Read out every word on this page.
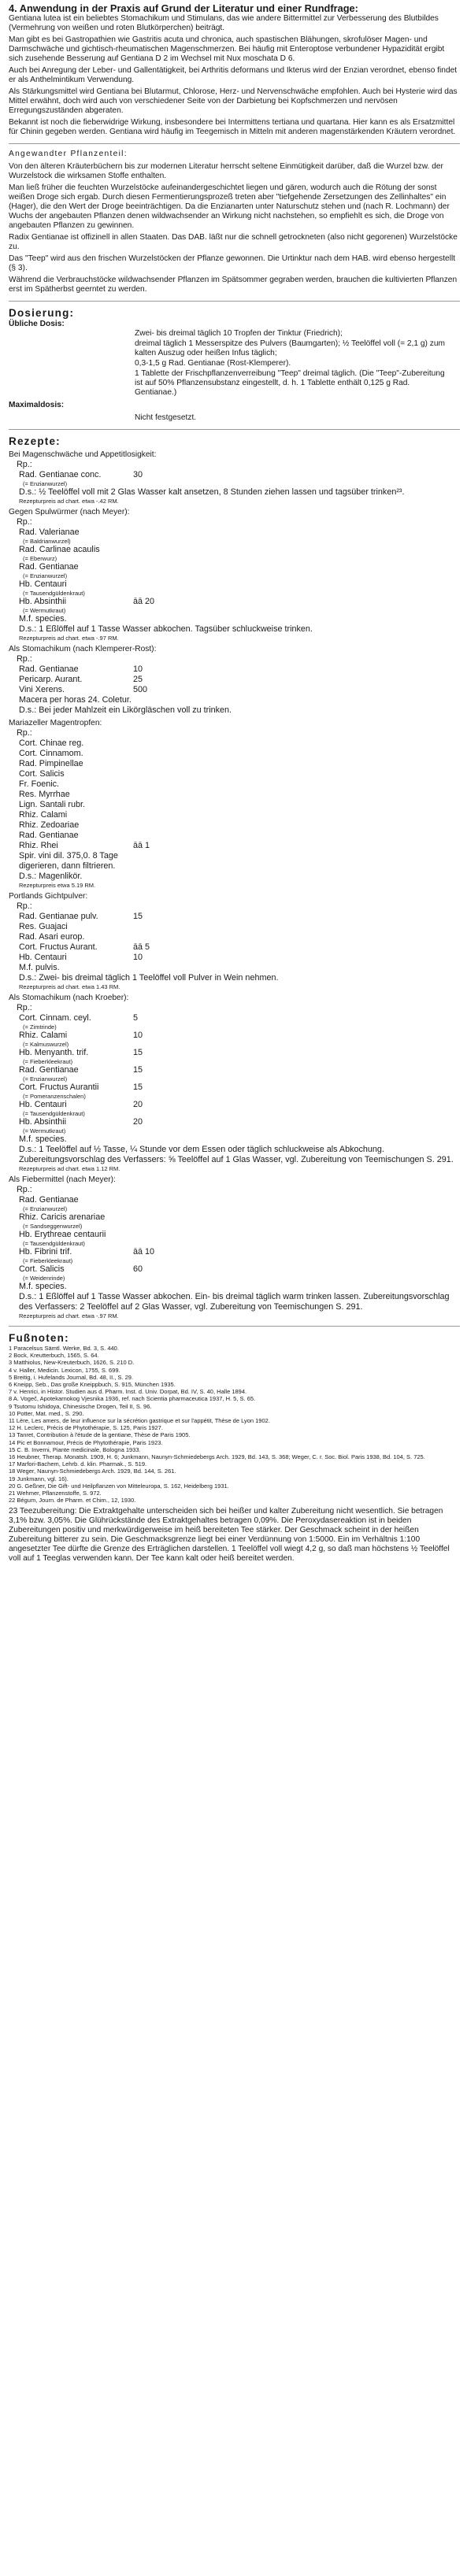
4. Anwendung in der Praxis auf Grund der Literatur und einer Rundfrage:

Gentiana lutea ist ein beliebtes Stomachikum und Stimulans, das wie andere Bittermittel zur Verbesserung des Blutbildes (Vermehrung von weißen und roten Blutkörperchen) beiträgt.

Man gibt es bei Gastropathien wie Gastritis acuta und chronica, auch spastischen Blähungen, skrofulöser Magen- und Darmschwäche und gichtisch-rheumatischen Magenschmerzen. Bei häufig mit Enteroptose verbundener Hypazidität ergibt sich zusehende Besserung auf Gentiana D 2 im Wechsel mit Nux moschata D 6.

Auch bei Anregung der Leber- und Gallentätigkeit, bei Arthritis deformans und Ikterus wird der Enzian verordnet, ebenso findet er als Anthelmintikum Verwendung.

Als Stärkungsmittel wird Gentiana bei Blutarmut, Chlorose, Herz- und Nervenschwäche empfohlen. Auch bei Hysterie wird das Mittel erwähnt, doch wird auch von verschiedener Seite von der Darbietung bei Kopfschmerzen und nervösen Erregungszuständen abgeraten.

Bekannt ist noch die fieberwidrige Wirkung, insbesondere bei Intermittens tertiana und quartana. Hier kann es als Ersatzmittel für Chinin gegeben werden. Gentiana wird häufig im Teegemisch in Mitteln mit anderen magenstärkenden Kräutern verordnet.

Angewandter Pflanzenteil:

Von den älteren Kräuterbüchern bis zur modernen Literatur herrscht seltene Einmütigkeit darüber, daß die Wurzel bzw. der Wurzelstock die wirksamen Stoffe enthalten.

Man ließ früher die feuchten Wurzelstöcke aufeinandergeschichtet liegen und gären, wodurch auch die Rötung der sonst weißen Droge sich ergab. Durch diesen Fermentierungsprozeß treten aber "tiefgehende Zersetzungen des Zellinhaltes" ein (Hager), die den Wert der Droge beeinträchtigen. Da die Enzianarten unter Naturschutz stehen und (nach R. Lochmann) der Wuchs der angebauten Pflanzen denen wildwachsender an Wirkung nicht nachstehen, so empfiehlt es sich, die Droge von angebauten Pflanzen zu gewinnen.

Radix Gentianae ist offizinell in allen Staaten. Das DAB. läßt nur die schnell getrockneten (also nicht gegorenen) Wurzelstöcke zu.

Das "Teep" wird aus den frischen Wurzelstöcken der Pflanze gewonnen. Die Urtinktur nach dem HAB. wird ebenso hergestellt (§ 3).

Während die Verbrauchstöcke wildwachsender Pflanzen im Spätsommer gegraben werden, brauchen die kultivierten Pflanzen erst im Spätherbst geerntet zu werden.

Dosierung:
Übliche Dosis:
Zwei- bis dreimal täglich 10 Tropfen der Tinktur (Friedrich);
dreimal täglich 1 Messerspitze des Pulvers (Baumgarten); ½ Teelöffel voll (= 2,1 g) zum kalten Auszug oder heißen Infus täglich;
0,3-1,5 g Rad. Gentianae (Rost-Klemperer).
1 Tablette der Frischpflanzenverreibung "Teep" dreimal täglich. (Die "Teep"-Zubereitung ist auf 50% Pflanzensubstanz eingestellt, d. h. 1 Tablette enthält 0,125 g Rad. Gentianae.)
Maximaldosis:
Nicht festgesetzt.
Rezepte:
Bei Magenschwäche und Appetitlosigkeit:
Rp.:
Rad. Gentianae conc.	30
(= Enzianwurzel)
D.s.: ½ Teelöffel voll mit 2 Glas Wasser kalt ansetzen, 8 Stunden ziehen lassen und tagsüber trinken²³.
Rezepturpreis ad chart. etwa -.42 RM.
Gegen Spulwürmer (nach Meyer):
Rp.:
Rad. Valerianae
(= Baldrianwurzel)
Rad. Carlinae acaulis
(= Eberwurz)
Rad. Gentianae
(= Enzianwurzel)
Hb. Centauri
(= Tausendgüldenkraut)
Hb. Absinthii	āā 20
(= Wermutkraut)
M.f. species.
D.s.: 1 Eßlöffel auf 1 Tasse Wasser abkochen. Tagsüber schluckweise trinken.
Rezepturpreis ad chart. etwa -.97 RM.
Als Stomachikum (nach Klemperer-Rost):
Rp.:
Rad. Gentianae	10
Pericarp. Aurant.	25
Vini Xerens.	500
Macera per horas 24. Coletur.
D.s.: Bei jeder Mahlzeit ein Likörgläschen voll zu trinken.
Mariazeller Magentropfen:
Rp.:
Cort. Chinae reg.
Cort. Cinnamom.
Rad. Pimpinellae
Cort. Salicis
Fr. Foenic.
Res. Myrrhae
Lign. Santali rubr.
Rhiz. Calami
Rhiz. Zedoariae
Rad. Gentianae
Rhiz. Rhei	āā 1
Spir. vini dil. 375,0. 8 Tage digerieren, dann filtrieren.
D.s.: Magenlikör.
Rezepturpreis etwa 5.19 RM.
Portlands Gichtpulver:
Rp.:
Rad. Gentianae pulv.	15
Res. Guajaci
Rad. Asari europ.
Cort. Fructus Aurant.	āā 5
Hb. Centauri	10
M.f. pulvis.
D.s.: Zwei- bis dreimal täglich 1 Teelöffel voll Pulver in Wein nehmen.
Rezepturpreis ad chart. etwa 1.43 RM.
Als Stomachikum (nach Kroeber):
Rp.:
Cort. Cinnam. ceyl.	5
(= Zimtrinde)
Rhiz. Calami	10
(= Kalmuswurzel)
Hb. Menyanth. trif.	15
(= Fieberkleekraut)
Rad. Gentianae	15
(= Enzianwurzel)
Cort. Fructus Aurantii	15
(= Pomeranzenschalen)
Hb. Centauri	20
(= Tausendgüldenkraut)
Hb. Absinthii	20
(= Wermutkraut)
M.f. species.
D.s.: 1 Teelöffel auf ½ Tasse, ¼ Stunde vor dem Essen oder täglich schluckweise als Abkochung. Zubereitungsvorschlag des Verfassers: ⅝ Teelöffel auf 1 Glas Wasser, vgl. Zubereitung von Teemischungen S. 291.
Rezepturpreis ad chart. etwa 1.12 RM.
Als Fiebermittel (nach Meyer):
Rp.:
Rad. Gentianae
(= Enzianwurzel)
Rhiz. Caricis arenariae
(= Sandseggenwurzel)
Hb. Erythreae centaurii
(= Tausendgüldenkraut)
Hb. Fibrini trif.	āā 10
(= Fieberkleekraut)
Cort. Salicis	60
(= Weidenrinde)
M.f. species.
D.s.: 1 Eßlöffel auf 1 Tasse Wasser abkochen. Ein- bis dreimal täglich warm trinken lassen. Zubereitungsvorschlag des Verfassers: 2 Teelöffel auf 2 Glas Wasser, vgl. Zubereitung von Teemischungen S. 291.
Rezepturpreis ad chart. etwa -.97 RM.
Fußnoten:
1 Paracelsus Sämtl. Werke, Bd. 3, S. 440.
2 Bock, Kreutterbuch, 1565, S. 64.
3 Matthiolus, New-Kreuterbuch, 1626, S. 210 D.
4 v. Haller, Medicin. Lexicon, 1755, S. 699.
5 Breitig, i. Hufelands Journal, Bd. 48, II., S. 29.
6 Kneipp, Seb., Das große Kneippbuch, S. 915, München 1935.
7 v. Henrici, in Histor. Studien aus d. Pharm. Inst. d. Univ. Dorpat, Bd. IV, S. 40, Halle 1894.
8 A. Vogeč, Apotekarnokog Vjesnika 1936, ref. nach Scientia pharmaceutica 1937, H. 5, S. 65.
9 Tsutomu Ishidoya, Chinesische Drogen, Teil II, S. 96.
10 Potter, Mat. med., S. 290.
11 Lère, Les amers, de leur influence sur la sécrétion gastrique et sur l'appétit, Thèse de Lyon 1902.
12 H. Leclerc, Précis de Phytothérapie, S. 125, Paris 1927.
13 Tanret, Contribution à l'étude de la gentiane, Thèse de Paris 1905.
14 Pic et Bonnamour, Précis de Phytothérapie, Paris 1923.
15 C. B. Inverni, Piante medicinale, Bologna 1933.
16 Heubner, Therap. Monatsh. 1909, H. 6; Junkmann, Naunyn-Schmiedebergs Arch. 1929, Bd. 143, S. 368; Weger, C. r. Soc. Biol. Paris 1938, Bd. 104, S. 725.
17 Marfori-Bachem, Lehrb. d. klin. Pharmak., S. 519.
18 Weger, Naunyn-Schmiedebergs Arch. 1929, Bd. 144, S. 261.
19 Junkmann, vgl. 16).
20 G. Geßner, Die Gift- und Heilpflanzen von Mitteleuropa, S. 162, Heidelberg 1931.
21 Wehmer, Pflanzenstoffe, S. 972.
22 Bégum, Journ. de Pharm. et Chim., 12, 1930.
23 Teezubereitung: Die Extraktgehalte unterscheiden sich bei heißer und kalter Zubereitung nicht wesentlich. Sie betragen 3,1% bzw. 3,05%. Die Glührückstände des Extraktgehaltes betragen 0,09%. Die Peroxydasereaktion ist in beiden Zubereitungen positiv und merkwürdigerweise im heiß bereiteten Tee stärker. Der Geschmack scheint in der heißen Zubereitung bitterer zu sein. Die Geschmacksgrenze liegt bei einer Verdünnung von 1:5000. Ein im Verhältnis 1:100 angesetzter Tee dürfte die Grenze des Erträglichen darstellen. 1 Teelöffel voll wiegt 4,2 g, so daß man höchstens ½ Teelöffel voll auf 1 Teeglas verwenden kann. Der Tee kann kalt oder heiß bereitet werden.
